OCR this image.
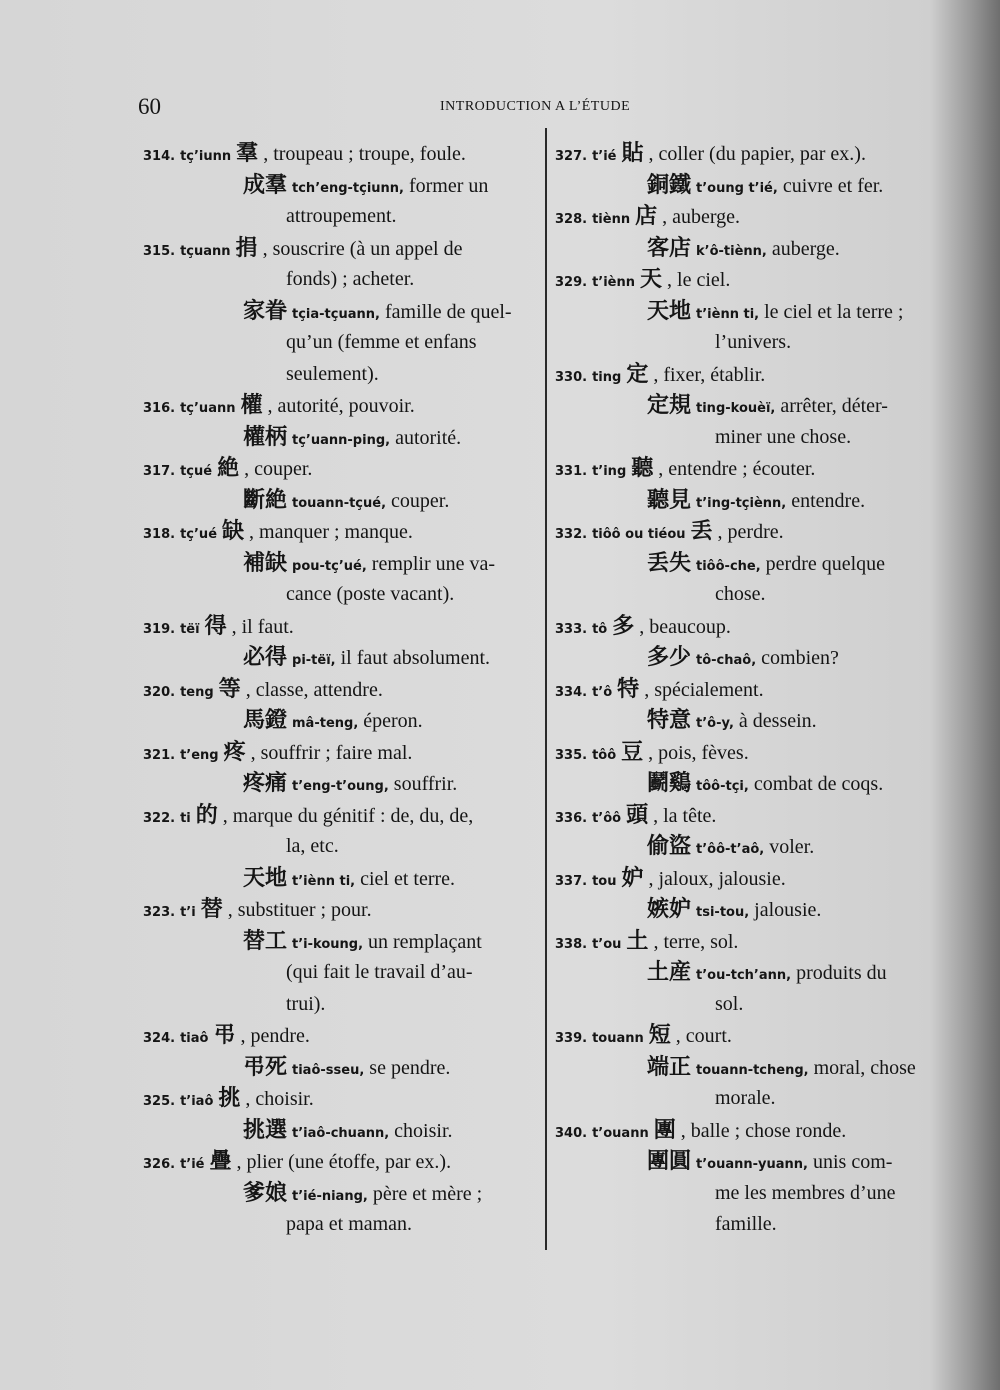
60	INTRODUCTION A L’ÉTUDE
314. tç’iunn 羣 , troupeau ; troupe, foule.
成羣 tch’eng-tçiunn, former un
attroupement.
315. tçuann 捐 , souscrire (à un appel de
fonds) ; acheter.
家眷 tçia-tçuann, famille de quel-
qu’un (femme et enfans
seulement).
316. tç’uann 權 , autorité, pouvoir.
權柄 tç’uann-ping, autorité.
317. tçué 絶 , couper.
斷絶 touann-tçué, couper.
318. tç’ué 缺 , manquer ; manque.
補缺 pou-tç’ué, remplir une va-
cance (poste vacant).
319. tëï 得 , il faut.
必得 pi-tëï, il faut absolument.
320. teng 等 , classe, attendre.
馬鐙 mâ-teng, éperon.
321. t’eng 疼 , souffrir ; faire mal.
疼痛 t’eng-t’oung, souffrir.
322. ti 的 , marque du génitif : de, du, de,
la, etc.
天地 t’iènn ti, ciel et terre.
323. t’i 替 , substituer ; pour.
替工 t’i-koung, un remplaçant
(qui fait le travail d’au-
trui).
324. tiaô 弔 , pendre.
弔死 tiaô-sseu, se pendre.
325. t’iaô 挑 , choisir.
挑選 t’iaô-chuann, choisir.
326. t’ié 疊 , plier (une étoffe, par ex.).
爹娘 t’ié-niang, père et mère ;
papa et maman.
327. t’ié 貼 , coller (du papier, par ex.).
銅鐵 t’oung t’ié, cuivre et fer.
328. tiènn 店 , auberge.
客店 k’ô-tiènn, auberge.
329. t’iènn 天 , le ciel.
天地 t’iènn ti, le ciel et la terre ;
l’univers.
330. ting 定 , fixer, établir.
定規 ting-kouèï, arrêter, déter-
miner une chose.
331. t’ing 聽 , entendre ; écouter.
聽見 t’ing-tçiènn, entendre.
332. tiôô ou tiéou 丢 , perdre.
丢失 tiôô-che, perdre quelque
chose.
333. tô 多 , beaucoup.
多少 tô-chaô, combien?
334. t’ô 特 , spécialement.
特意 t’ô-y, à dessein.
335. tôô 豆 , pois, fèves.
鬬鷄 tôô-tçi, combat de coqs.
336. t’ôô 頭 , la tête.
偷盜 t’ôô-t’aô, voler.
337. tou 妒 , jaloux, jalousie.
嫉妒 tsi-tou, jalousie.
338. t’ou 土 , terre, sol.
土産 t’ou-tch’ann, produits du
sol.
339. touann 短 , court.
端正 touann-tcheng, moral, chose
morale.
340. t’ouann 團 , balle ; chose ronde.
團圓 t’ouann-yuann, unis com-
me les membres d’une
famille.
